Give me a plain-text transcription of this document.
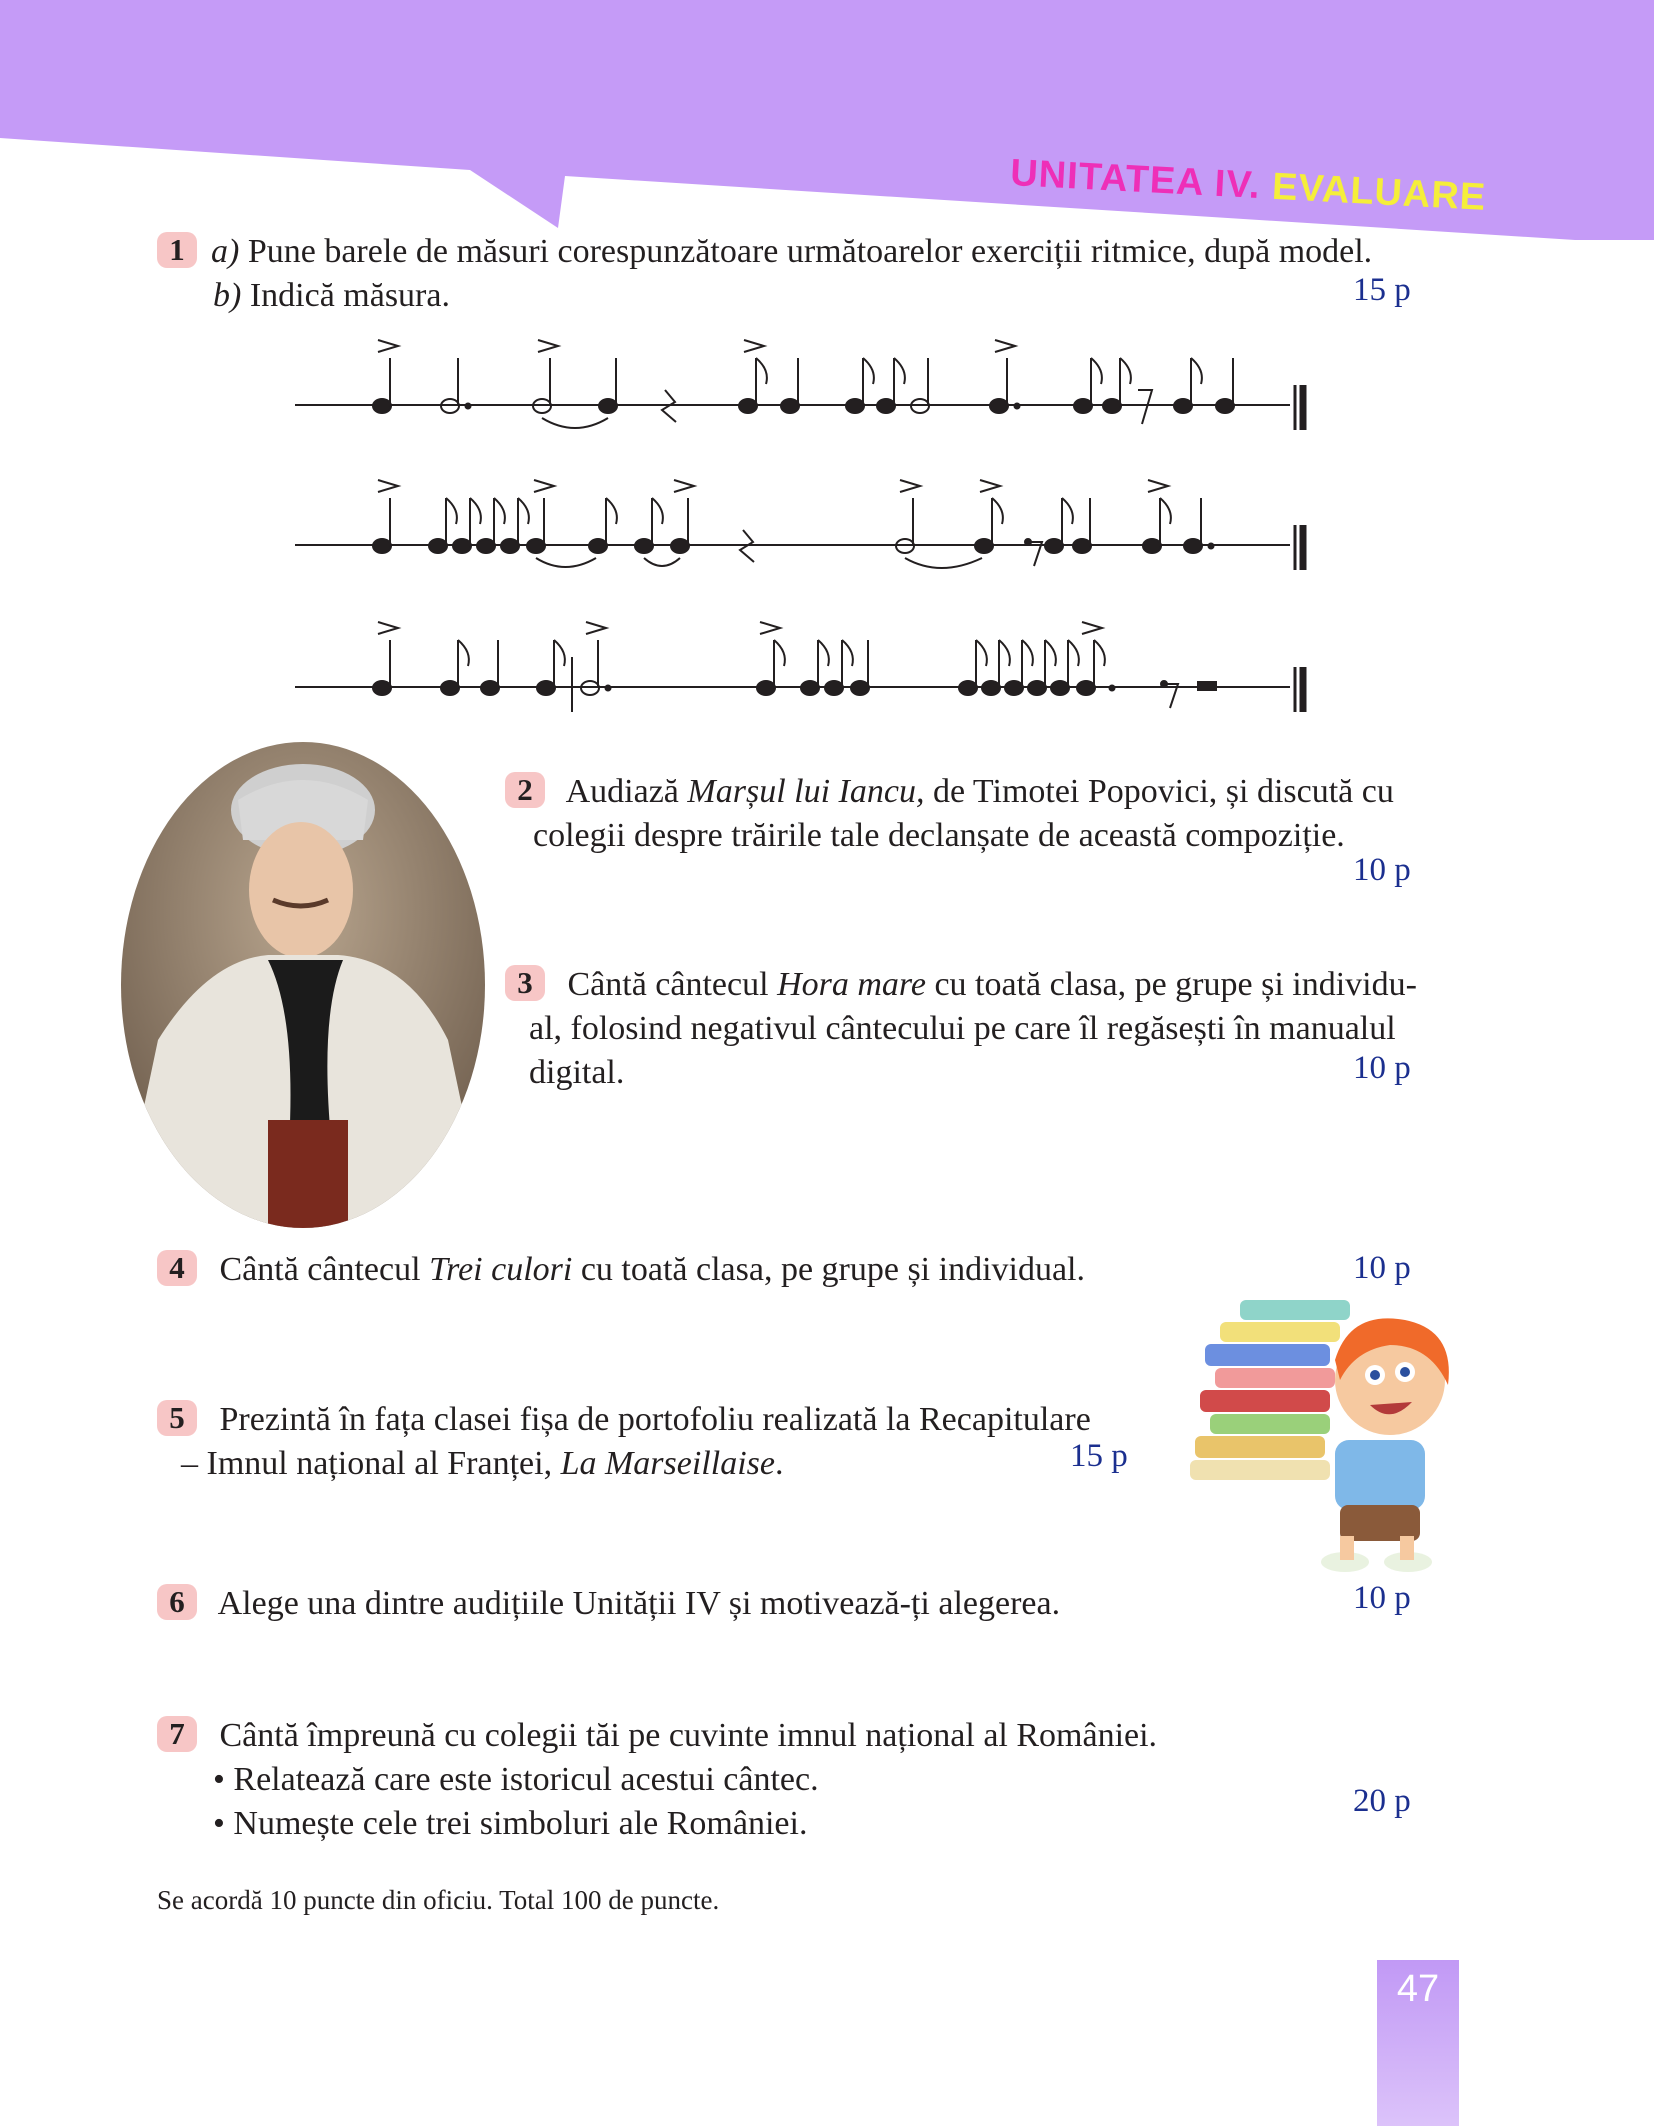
UNITATEA IV. EVALUARE
1 a) Pune barele de măsuri corespunzătoare următoarelor exerciții ritmice, după model.
b) Indică măsura.	15 p
2 Audiază Marșul lui Iancu, de Timotei Popovici, și discută cu
colegii despre trăirile tale declanșate de această compoziție.
10 p
3 Cântă cântecul Hora mare cu toată clasa, pe grupe și individu-
al, folosind negativul cântecului pe care îl regăsești în manualul
digital.	10 p
4 Cântă cântecul Trei culori cu toată clasa, pe grupe și individual.	10 p
5 Prezintă în fața clasei fișa de portofoliu realizată la Recapitulare
– Imnul național al Franței, La Marseillaise.	15 p
6 Alege una dintre audițiile Unității IV și motivează-ți alegerea.	10 p
7 Cântă împreună cu colegii tăi pe cuvinte imnul național al României.
• Relatează care este istoricul acestui cântec.
• Numește cele trei simboluri ale României.
20 p
Se acordă 10 puncte din oficiu. Total 100 de puncte.
47
